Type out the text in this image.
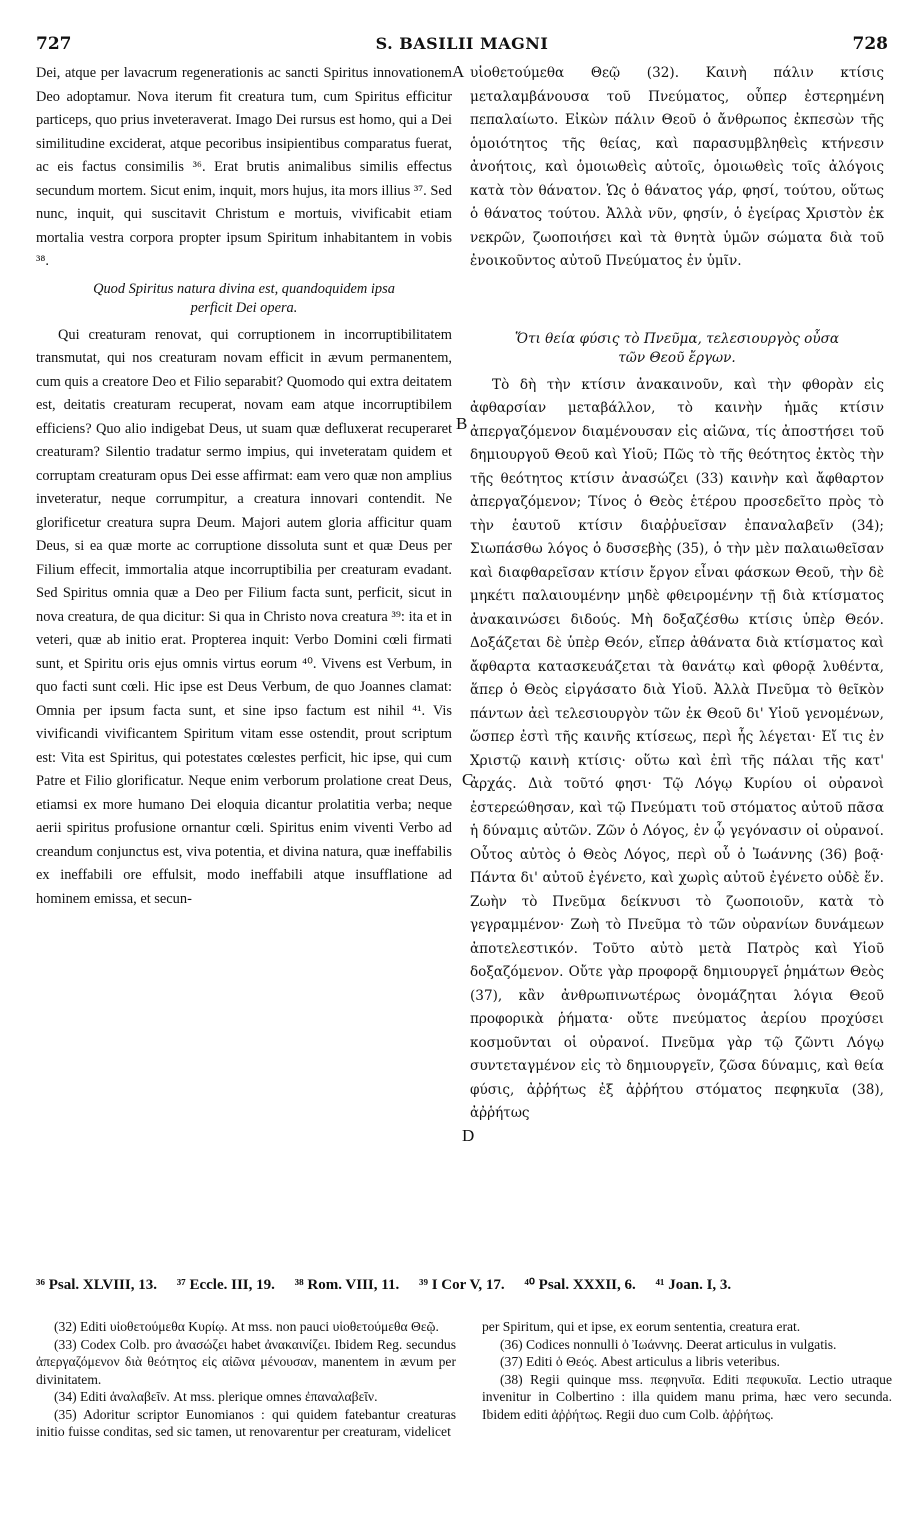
727	S. BASILII MAGNI	728

Dei, atque per lavacrum regenerationis ac sancti Spiritus innovationem Deo adoptamur. Nova iterum fit creatura tum, cum Spiritus efficitur particeps, quo prius inveteraverat. Imago Dei rursus est homo, qui a Dei similitudine exciderat, atque pecoribus insipientibus comparatus fuerat, ac eis factus consimilis ³⁶. Erat brutis animalibus similis effectus secundum mortem. Sicut enim, inquit, mors hujus, ita mors illius ³⁷. Sed nunc, inquit, qui suscitavit Christum e mortuis, vivificabit etiam mortalia vestra corpora propter ipsum Spiritum inhabitantem in vobis ³⁸.

Quod Spiritus natura divina est, quandoquidem ipsa
perficit Dei opera.

Qui creaturam renovat, qui corruptionem in incorruptibilitatem transmutat, qui nos creaturam novam efficit in ævum permanentem, cum quis a creatore Deo et Filio separabit? Quomodo qui extra deitatem est, deitatis creaturam recuperat, novam eam atque incorruptibilem efficiens? Quo alio indigebat Deus, ut suam quæ defluxerat recuperaret creaturam? Silentio tradatur sermo impius, qui inveteratam quidem et corruptam creaturam opus Dei esse affirmat: eam vero quæ non amplius inveteratur, neque corrumpitur, a creatura innovari contendit. Ne glorificetur creatura supra Deum. Majori autem gloria afficitur quam Deus, si ea quæ morte ac corruptione dissoluta sunt et quæ Deus per Filium effecit, immortalia atque incorruptibilia per creaturam evadant. Sed Spiritus omnia quæ a Deo per Filium facta sunt, perficit, sicut in nova creatura, de qua dicitur: Si qua in Christo nova creatura ³⁹: ita et in veteri, quæ ab initio erat. Propterea inquit: Verbo Domini cœli firmati sunt, et Spiritu oris ejus omnis virtus eorum ⁴⁰. Vivens est Verbum, in quo facti sunt cœli. Hic ipse est Deus Verbum, de quo Joannes clamat: Omnia per ipsum facta sunt, et sine ipso factum est nihil ⁴¹. Vis vivificandi vivificantem Spiritum vitam esse ostendit, prout scriptum est: Vita est Spiritus, qui potestates cœlestes perficit, hic ipse, qui cum Patre et Filio glorificatur. Neque enim verborum prolatione creat Deus, etiamsi ex more humano Dei eloquia dicantur prolatitia verba; neque aerii spiritus profusione ornantur cœli. Spiritus enim viventi Verbo ad creandum conjunctus est, viva potentia, et divina natura, quæ ineffabilis ex ineffabili ore effulsit, modo ineffabili atque insufflatione ad hominem emissa, et secun-

A
B
C
D

υἱοθετούμεθα Θεῷ (32). Καινὴ πάλιν κτίσις μεταλαμβάνουσα τοῦ Πνεύματος, οὗπερ ἐστερημένη πεπαλαίωτο. Εἰκὼν πάλιν Θεοῦ ὁ ἄνθρωπος ἐκπεσὼν τῆς ὁμοιότητος τῆς θείας, καὶ παρασυμβληθεὶς κτήνεσιν ἀνοήτοις, καὶ ὁμοιωθεὶς αὐτοῖς, ὁμοιωθεὶς τοῖς ἀλόγοις κατὰ τὸν θάνατον. Ὡς ὁ θάνατος γάρ, φησί, τούτου, οὕτως ὁ θάνατος τούτου. Ἀλλὰ νῦν, φησίν, ὁ ἐγείρας Χριστὸν ἐκ νεκρῶν, ζωοποιήσει καὶ τὰ θνητὰ ὑμῶν σώματα διὰ τοῦ ἐνοικοῦντος αὐτοῦ Πνεύματος ἐν ὑμῖν.

Ὅτι θεία φύσις τὸ Πνεῦμα, τελεσιουργὸς οὖσα
τῶν Θεοῦ ἔργων.

Τὸ δὴ τὴν κτίσιν ἀνακαινοῦν, καὶ τὴν φθορὰν εἰς ἀφθαρσίαν μεταβάλλον, τὸ καινὴν ἡμᾶς κτίσιν ἀπεργαζόμενον διαμένουσαν εἰς αἰῶνα, τίς ἀποστήσει τοῦ δημιουργοῦ Θεοῦ καὶ Υἱοῦ; Πῶς τὸ τῆς θεότητος ἐκτὸς τὴν τῆς θεότητος κτίσιν ἀνασώζει (33) καινὴν καὶ ἄφθαρτον ἀπεργαζόμενον; Τίνος ὁ Θεὸς ἑτέρου προσεδεῖτο πρὸς τὸ τὴν ἑαυτοῦ κτίσιν διαῤῥυεῖσαν ἐπαναλαβεῖν (34); Σιωπάσθω λόγος ὁ δυσσεβὴς (35), ὁ τὴν μὲν παλαιωθεῖσαν καὶ διαφθαρεῖσαν κτίσιν ἔργον εἶναι φάσκων Θεοῦ, τὴν δὲ μηκέτι παλαιουμένην μηδὲ φθειρομένην τῇ διὰ κτίσματος ἀνακαινώσει διδούς. Μὴ δοξαζέσθω κτίσις ὑπὲρ Θεόν. Δοξάζεται δὲ ὑπὲρ Θεόν, εἴπερ ἀθάνατα διὰ κτίσματος καὶ ἄφθαρτα κατασκευάζεται τὰ θανάτῳ καὶ φθορᾷ λυθέντα, ἅπερ ὁ Θεὸς εἰργάσατο διὰ Υἱοῦ. Ἀλλὰ Πνεῦμα τὸ θεῖκὸν πάντων ἀεὶ τελεσιουργὸν τῶν ἐκ Θεοῦ δι' Υἱοῦ γενομένων, ὥσπερ ἐστὶ τῆς καινῆς κτίσεως, περὶ ἧς λέγεται· Εἴ τις ἐν Χριστῷ καινὴ κτίσις· οὕτω καὶ ἐπὶ τῆς πάλαι τῆς κατ' ἀρχάς. Διὰ τοῦτό φησι· Τῷ Λόγῳ Κυρίου οἱ οὐρανοὶ ἐστερεώθησαν, καὶ τῷ Πνεύματι τοῦ στόματος αὐτοῦ πᾶσα ἡ δύναμις αὐτῶν. Ζῶν ὁ Λόγος, ἐν ᾧ γεγόνασιν οἱ οὐρανοί. Οὗτος αὐτὸς ὁ Θεὸς Λόγος, περὶ οὗ ὁ Ἰωάννης (36) βοᾷ· Πάντα δι' αὐτοῦ ἐγένετο, καὶ χωρὶς αὐτοῦ ἐγένετο οὐδὲ ἕν. Ζωὴν τὸ Πνεῦμα δείκνυσι τὸ ζωοποιοῦν, κατὰ τὸ γεγραμμένον· Ζωὴ τὸ Πνεῦμα τὸ τῶν οὐρανίων δυνάμεων ἀποτελεστικόν. Τοῦτο αὐτὸ μετὰ Πατρὸς καὶ Υἱοῦ δοξαζόμενον. Οὔτε γὰρ προφορᾷ δημιουργεῖ ῥημάτων Θεὸς (37), κἂν ἀνθρωπινωτέρως ὀνομάζηται λόγια Θεοῦ προφορικὰ ῥήματα· οὔτε πνεύματος ἀερίου προχύσει κοσμοῦνται οἱ οὐρανοί. Πνεῦμα γὰρ τῷ ζῶντι Λόγῳ συντεταγμένον εἰς τὸ δημιουργεῖν, ζῶσα δύναμις, καὶ θεία φύσις, ἀῤῥήτως ἐξ ἀῤῥήτου στόματος πεφηκυῖα (38), ἀῤῥήτως

³⁶ Psal. XLVIII, 13. ³⁷ Eccle. III, 19. ³⁸ Rom. VIII, 11. ³⁹ I Cor V, 17. ⁴⁰ Psal. XXXII, 6. ⁴¹ Joan. I, 3.

(32) Editi υἱοθετούμεθα Κυρίῳ. At mss. non pauci υἱοθετούμεθα Θεῷ.

(33) Codex Colb. pro ἀνασώζει habet ἀνακαινίζει. Ibidem Reg. secundus ἀπεργαζόμενον διὰ θεότητος εἰς αἰῶνα μένουσαν, manentem in ævum per divinitatem.

(34) Editi ἀναλαβεῖν. At mss. plerique omnes ἐπαναλαβεῖν.

(35) Adoritur scriptor Eunomianos : qui quidem fatebantur creaturas initio fuisse conditas, sed sic tamen, ut renovarentur per creaturam, videlicet

per Spiritum, qui et ipse, ex eorum sententia, creatura erat.

(36) Codices nonnulli ὁ Ἰωάννης. Deerat articulus in vulgatis.

(37) Editi ὁ Θεός. Abest articulus a libris veteribus.

(38) Regii quinque mss. πεφηνυῖα. Editi πεφυκυῖα. Lectio utraque invenitur in Colbertino : illa quidem manu prima, hæc vero secunda. Ibidem editi ἀῤῥήτως. Regii duo cum Colb. ἀῤῥήτως.
